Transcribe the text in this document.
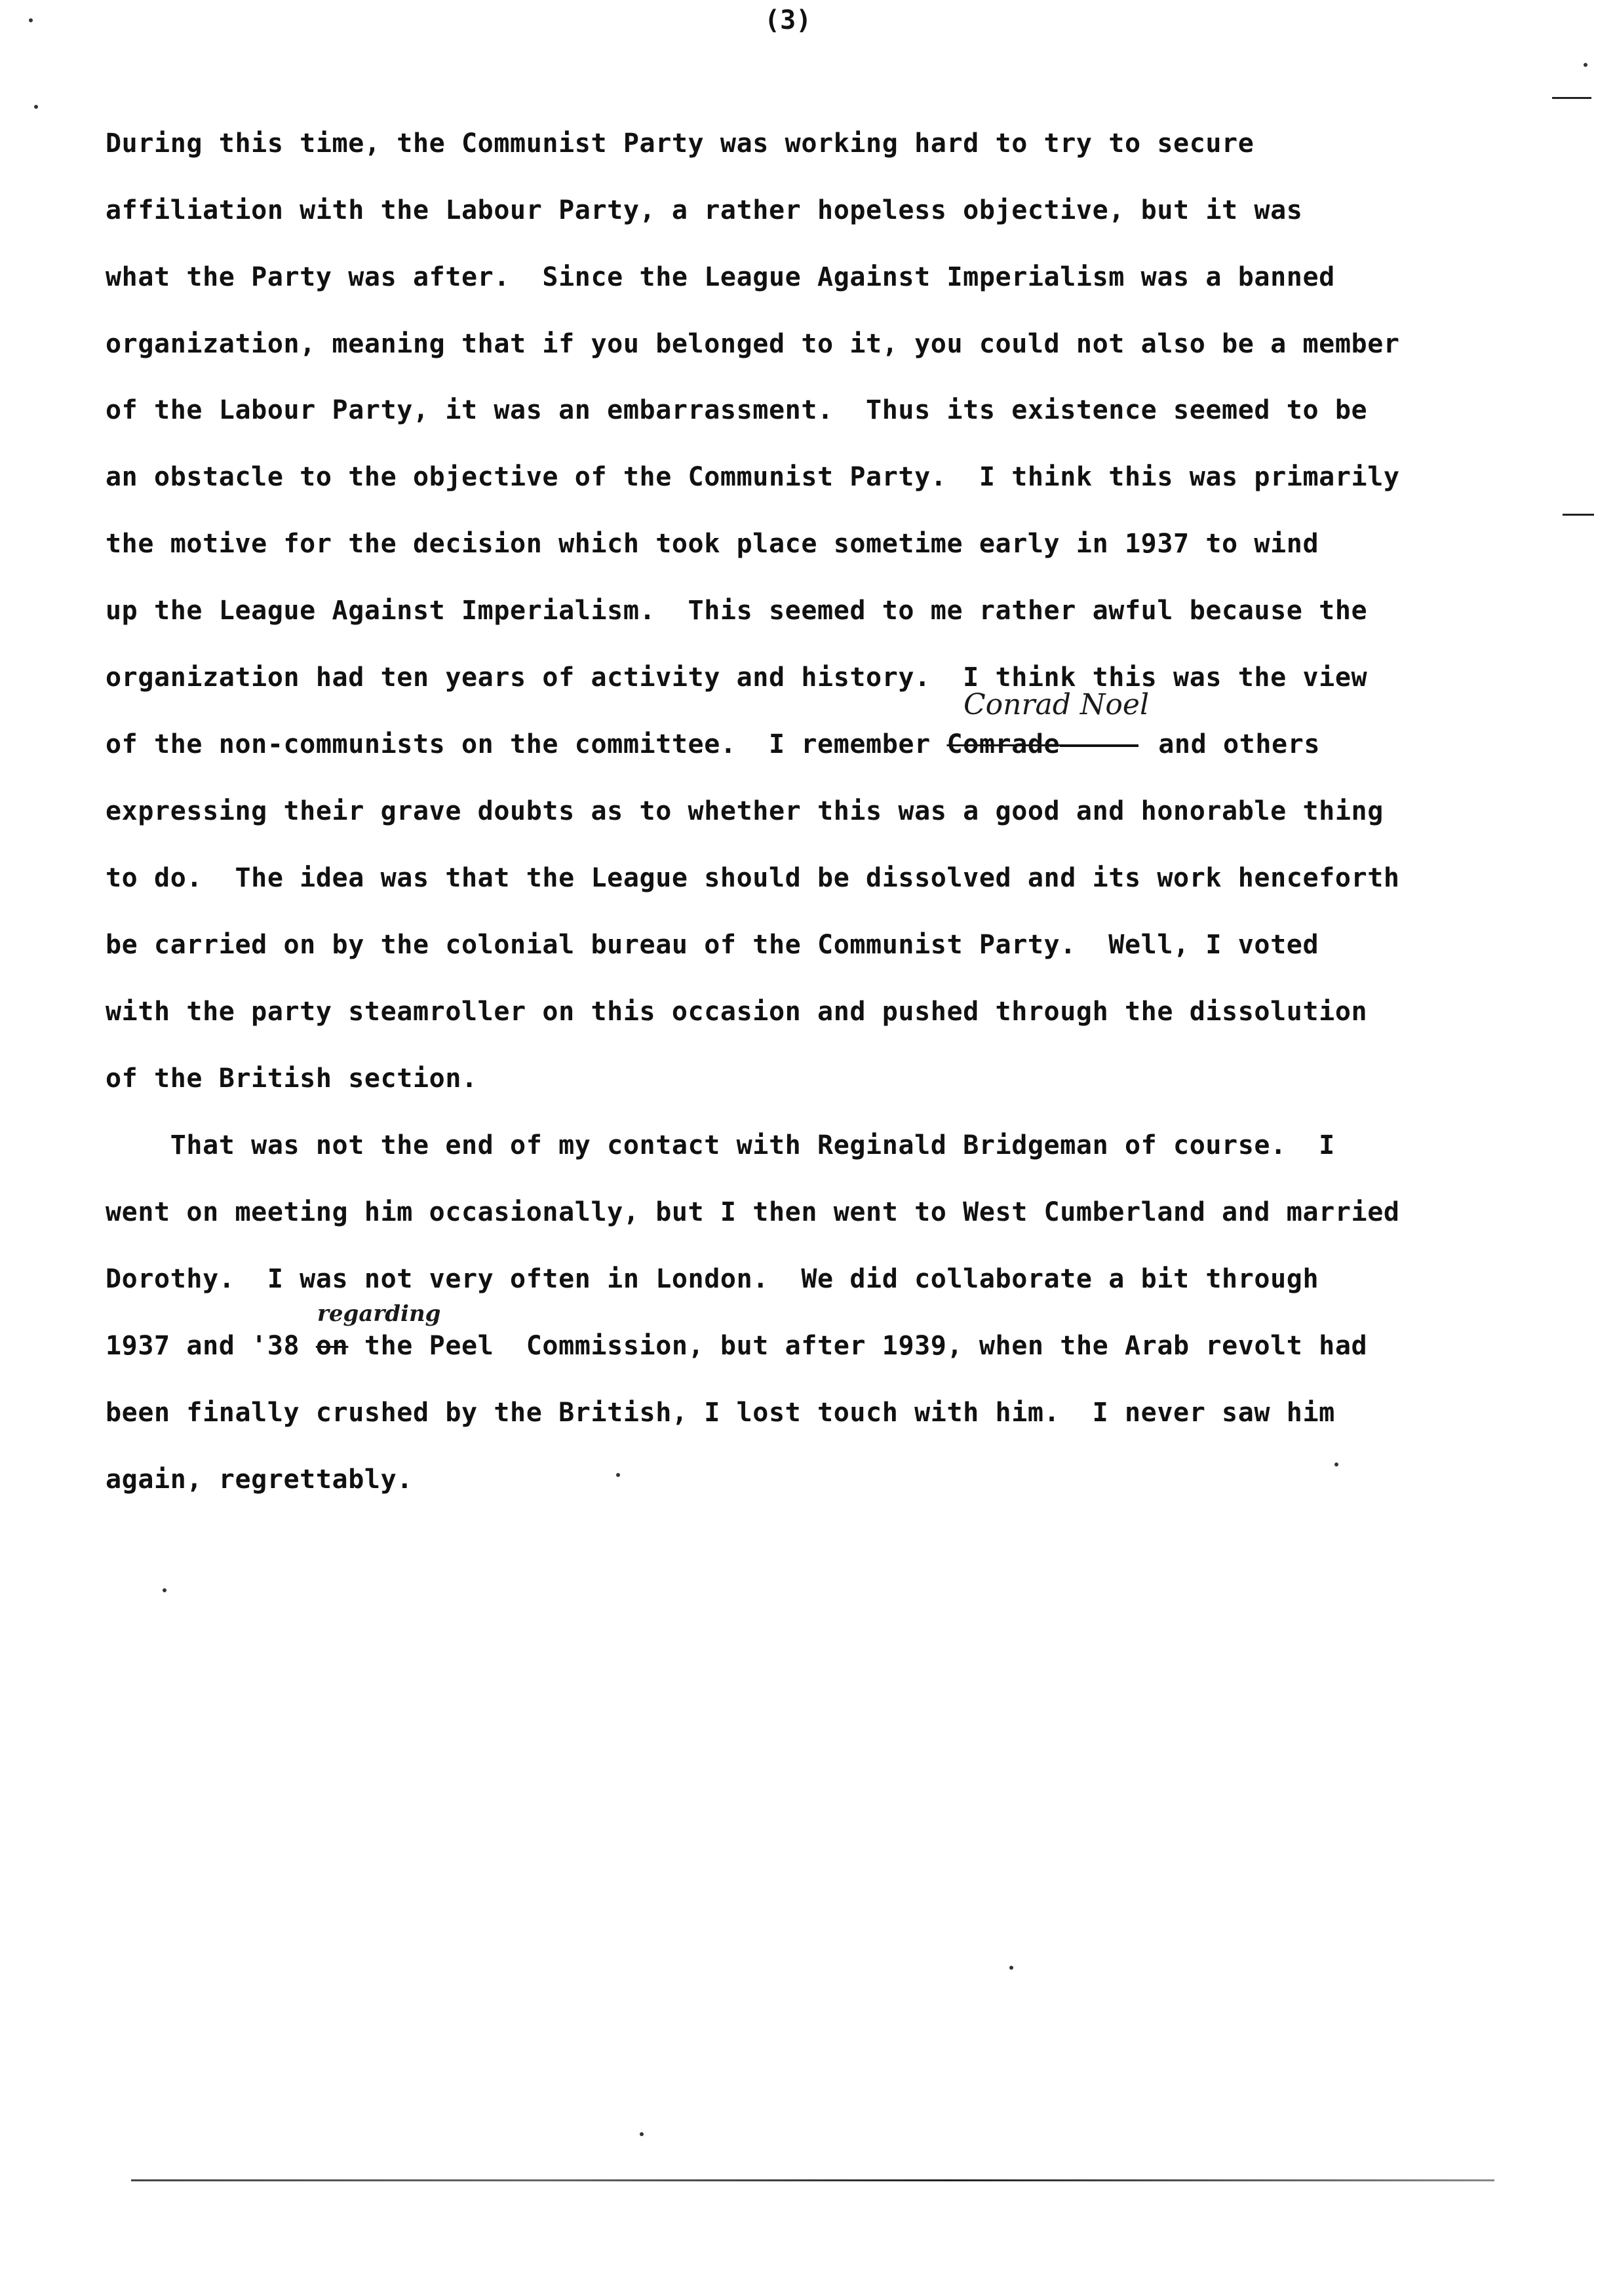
(3)
During this time, the Communist Party was working hard to try to secure
affiliation with the Labour Party, a rather hopeless objective, but it was
what the Party was after.  Since the League Against Imperialism was a banned
organization, meaning that if you belonged to it, you could not also be a member
of the Labour Party, it was an embarrassment.  Thus its existence seemed to be
an obstacle to the objective of the Communist Party.  I think this was primarily
the motive for the decision which took place sometime early in 1937 to wind
up the League Against Imperialism.  This seemed to me rather awful because the
organization had ten years of activity and history.  I think this was the view
Conrad Noel
of the non-communists on the committee.  I remember Comrade	and others
expressing their grave doubts as to whether this was a good and honorable thing
to do.  The idea was that the League should be dissolved and its work henceforth
be carried on by the colonial bureau of the Communist Party.  Well, I voted
with the party steamroller on this occasion and pushed through the dissolution
of the British section.
That was not the end of my contact with Reginald Bridgeman of course.  I
went on meeting him occasionally, but I then went to West Cumberland and married
Dorothy.  I was not very often in London.  We did collaborate a bit through
regarding
1937 and '38 on the Peel  Commission, but after 1939, when the Arab revolt had
been finally crushed by the British, I lost touch with him.  I never saw him
again, regrettably.
